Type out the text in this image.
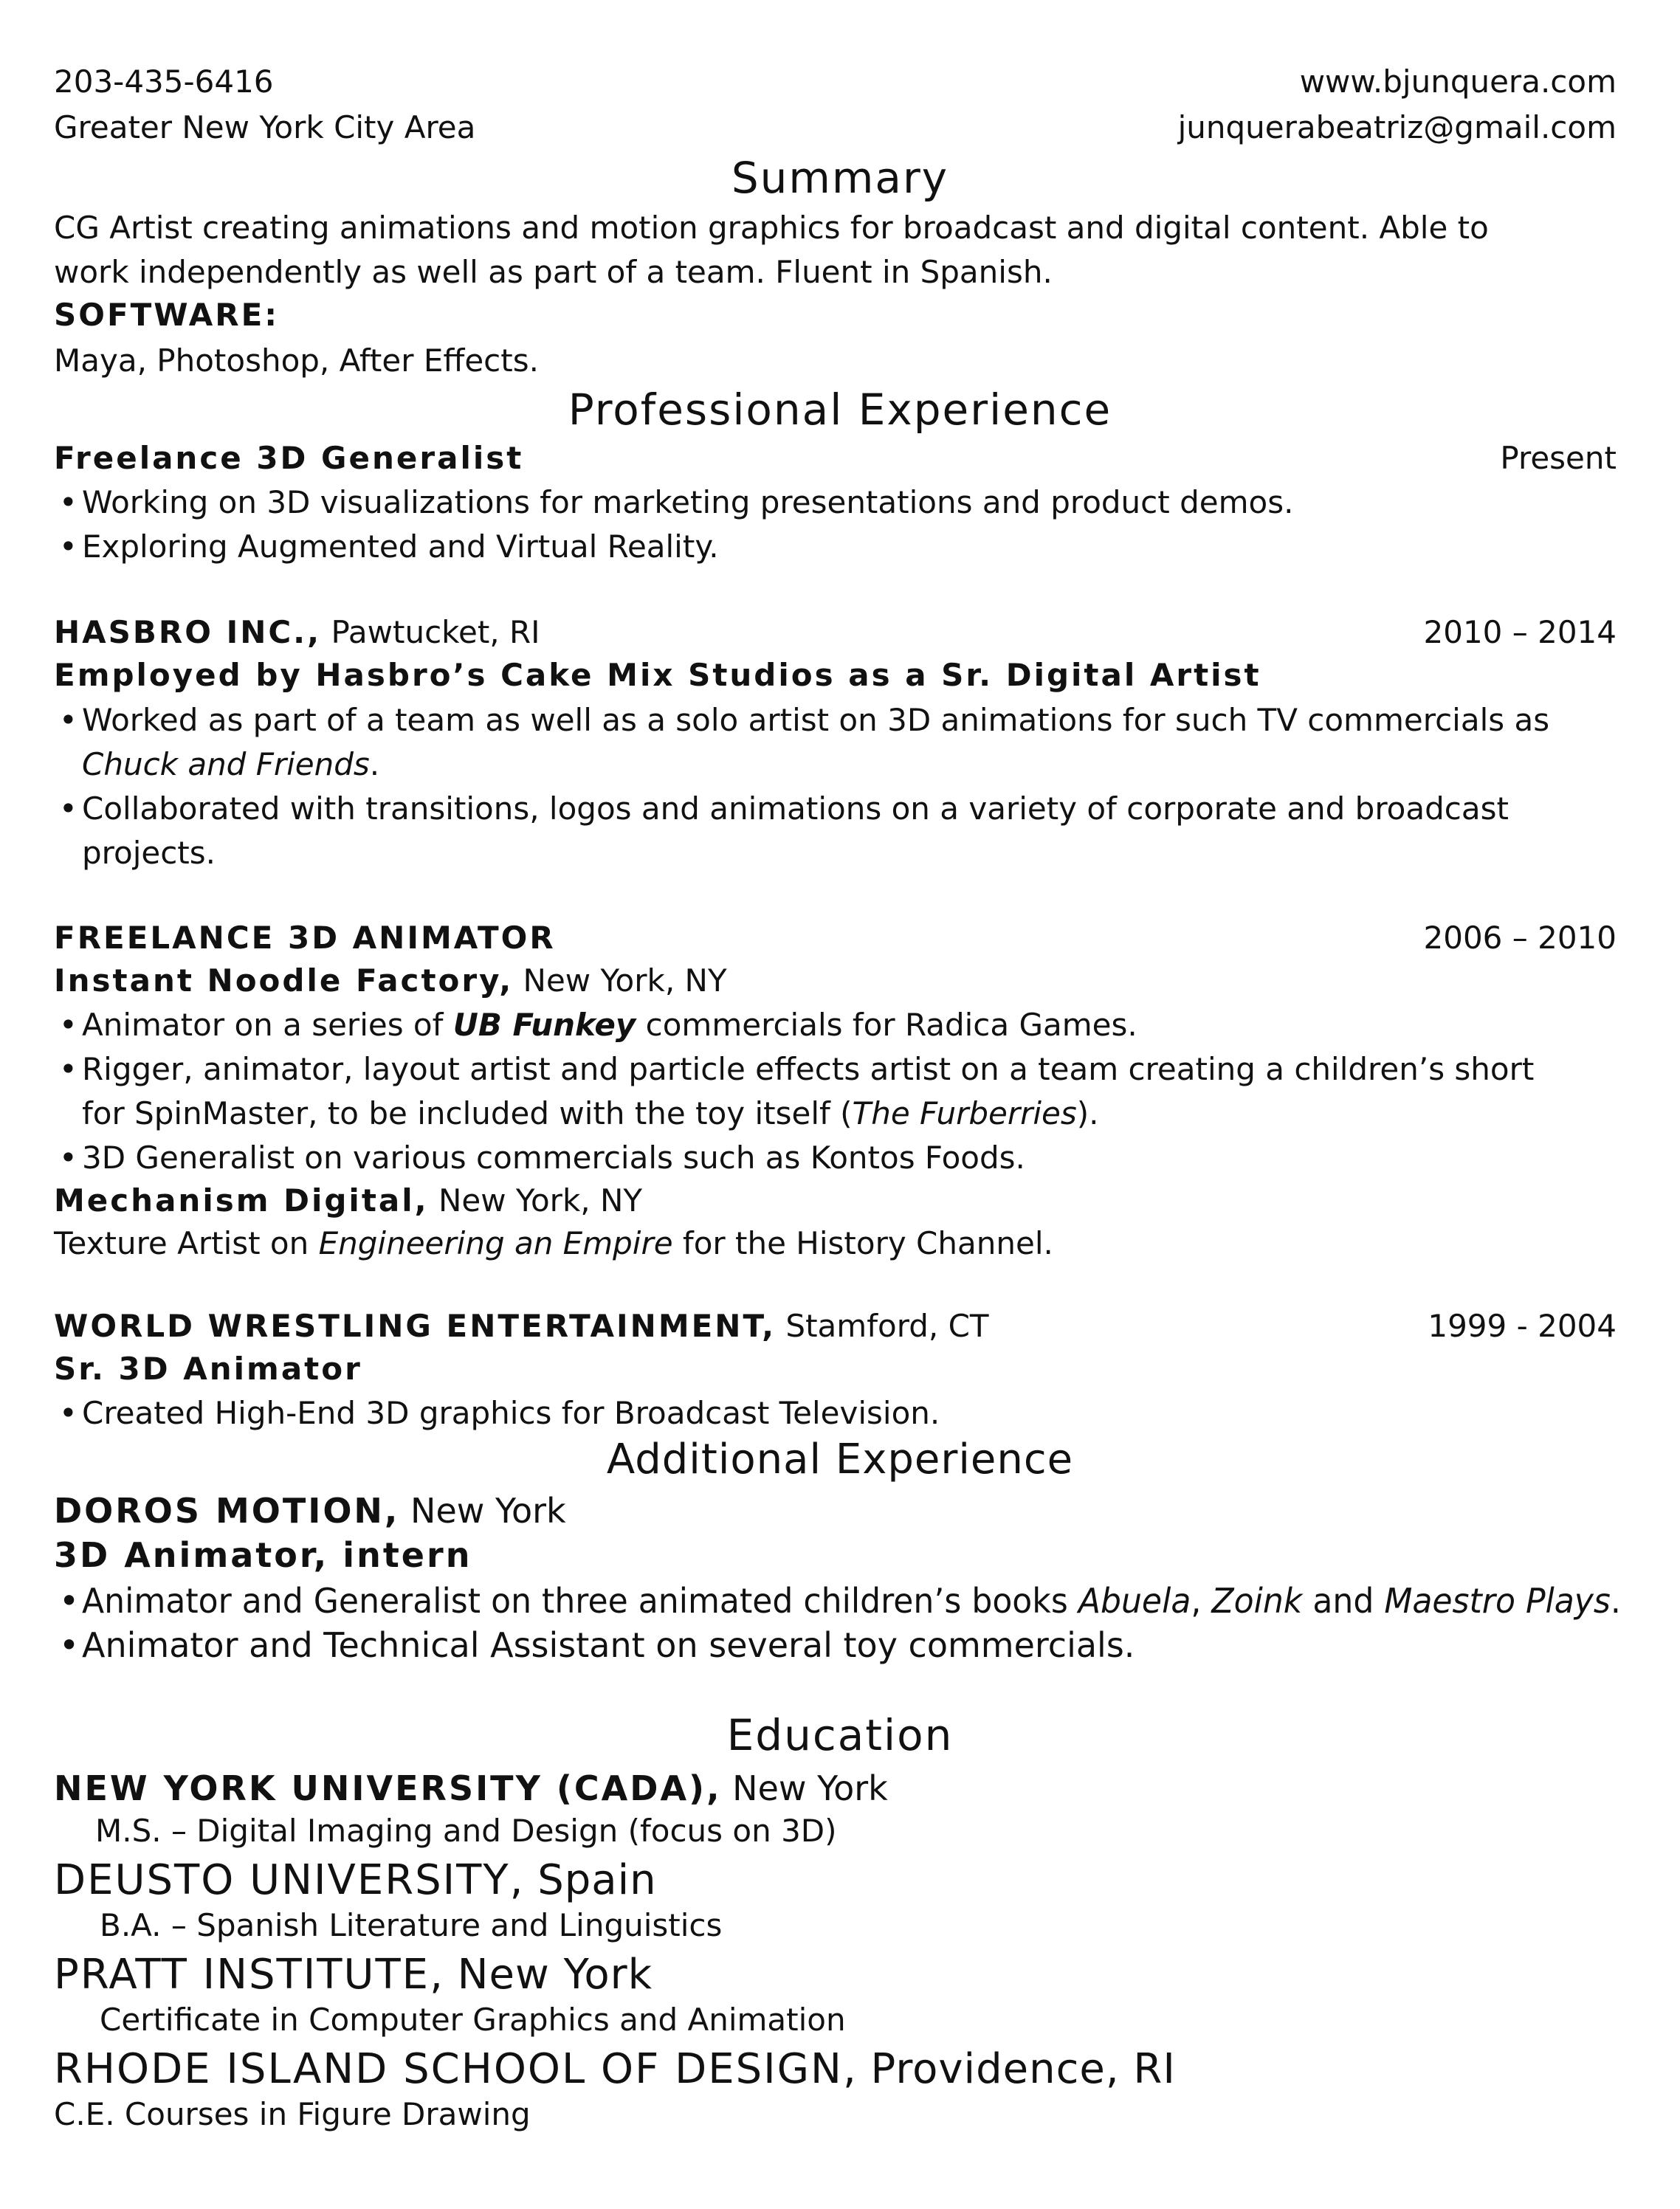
203-435-6416	www.bjunquera.com
Greater New York City Area	junquerabeatriz@gmail.com
Summary
CG Artist creating animations and motion graphics for broadcast and digital content. Able to
work independently as well as part of a team. Fluent in Spanish.
SOFTWARE:
Maya, Photoshop, After Effects.
Professional Experience
Freelance 3D Generalist	Present
• Working on 3D visualizations for marketing presentations and product demos.
• Exploring Augmented and Virtual Reality.
HASBRO INC., Pawtucket, RI	2010 – 2014
Employed by Hasbro’s Cake Mix Studios as a Sr. Digital Artist
• Worked as part of a team as well as a solo artist on 3D animations for such TV commercials as
Chuck and Friends.
• Collaborated with transitions, logos and animations on a variety of corporate and broadcast
projects.
FREELANCE 3D ANIMATOR	2006 – 2010
Instant Noodle Factory, New York, NY
• Animator on a series of UB Funkey commercials for Radica Games.
• Rigger, animator, layout artist and particle effects artist on a team creating a children’s short
for SpinMaster, to be included with the toy itself (The Furberries).
• 3D Generalist on various commercials such as Kontos Foods.
Mechanism Digital, New York, NY
Texture Artist on Engineering an Empire for the History Channel.
WORLD WRESTLING ENTERTAINMENT, Stamford, CT	1999 - 2004
Sr. 3D Animator
• Created High-End 3D graphics for Broadcast Television.
Additional Experience
DOROS MOTION, New York
3D Animator, intern
• Animator and Generalist on three animated children’s books Abuela, Zoink and Maestro Plays.
• Animator and Technical Assistant on several toy commercials.
Education
NEW YORK UNIVERSITY (CADA), New York
M.S. – Digital Imaging and Design (focus on 3D)
DEUSTO UNIVERSITY, Spain
B.A. – Spanish Literature and Linguistics
PRATT INSTITUTE, New York
Certificate in Computer Graphics and Animation
RHODE ISLAND SCHOOL OF DESIGN, Providence, RI
C.E. Courses in Figure Drawing
